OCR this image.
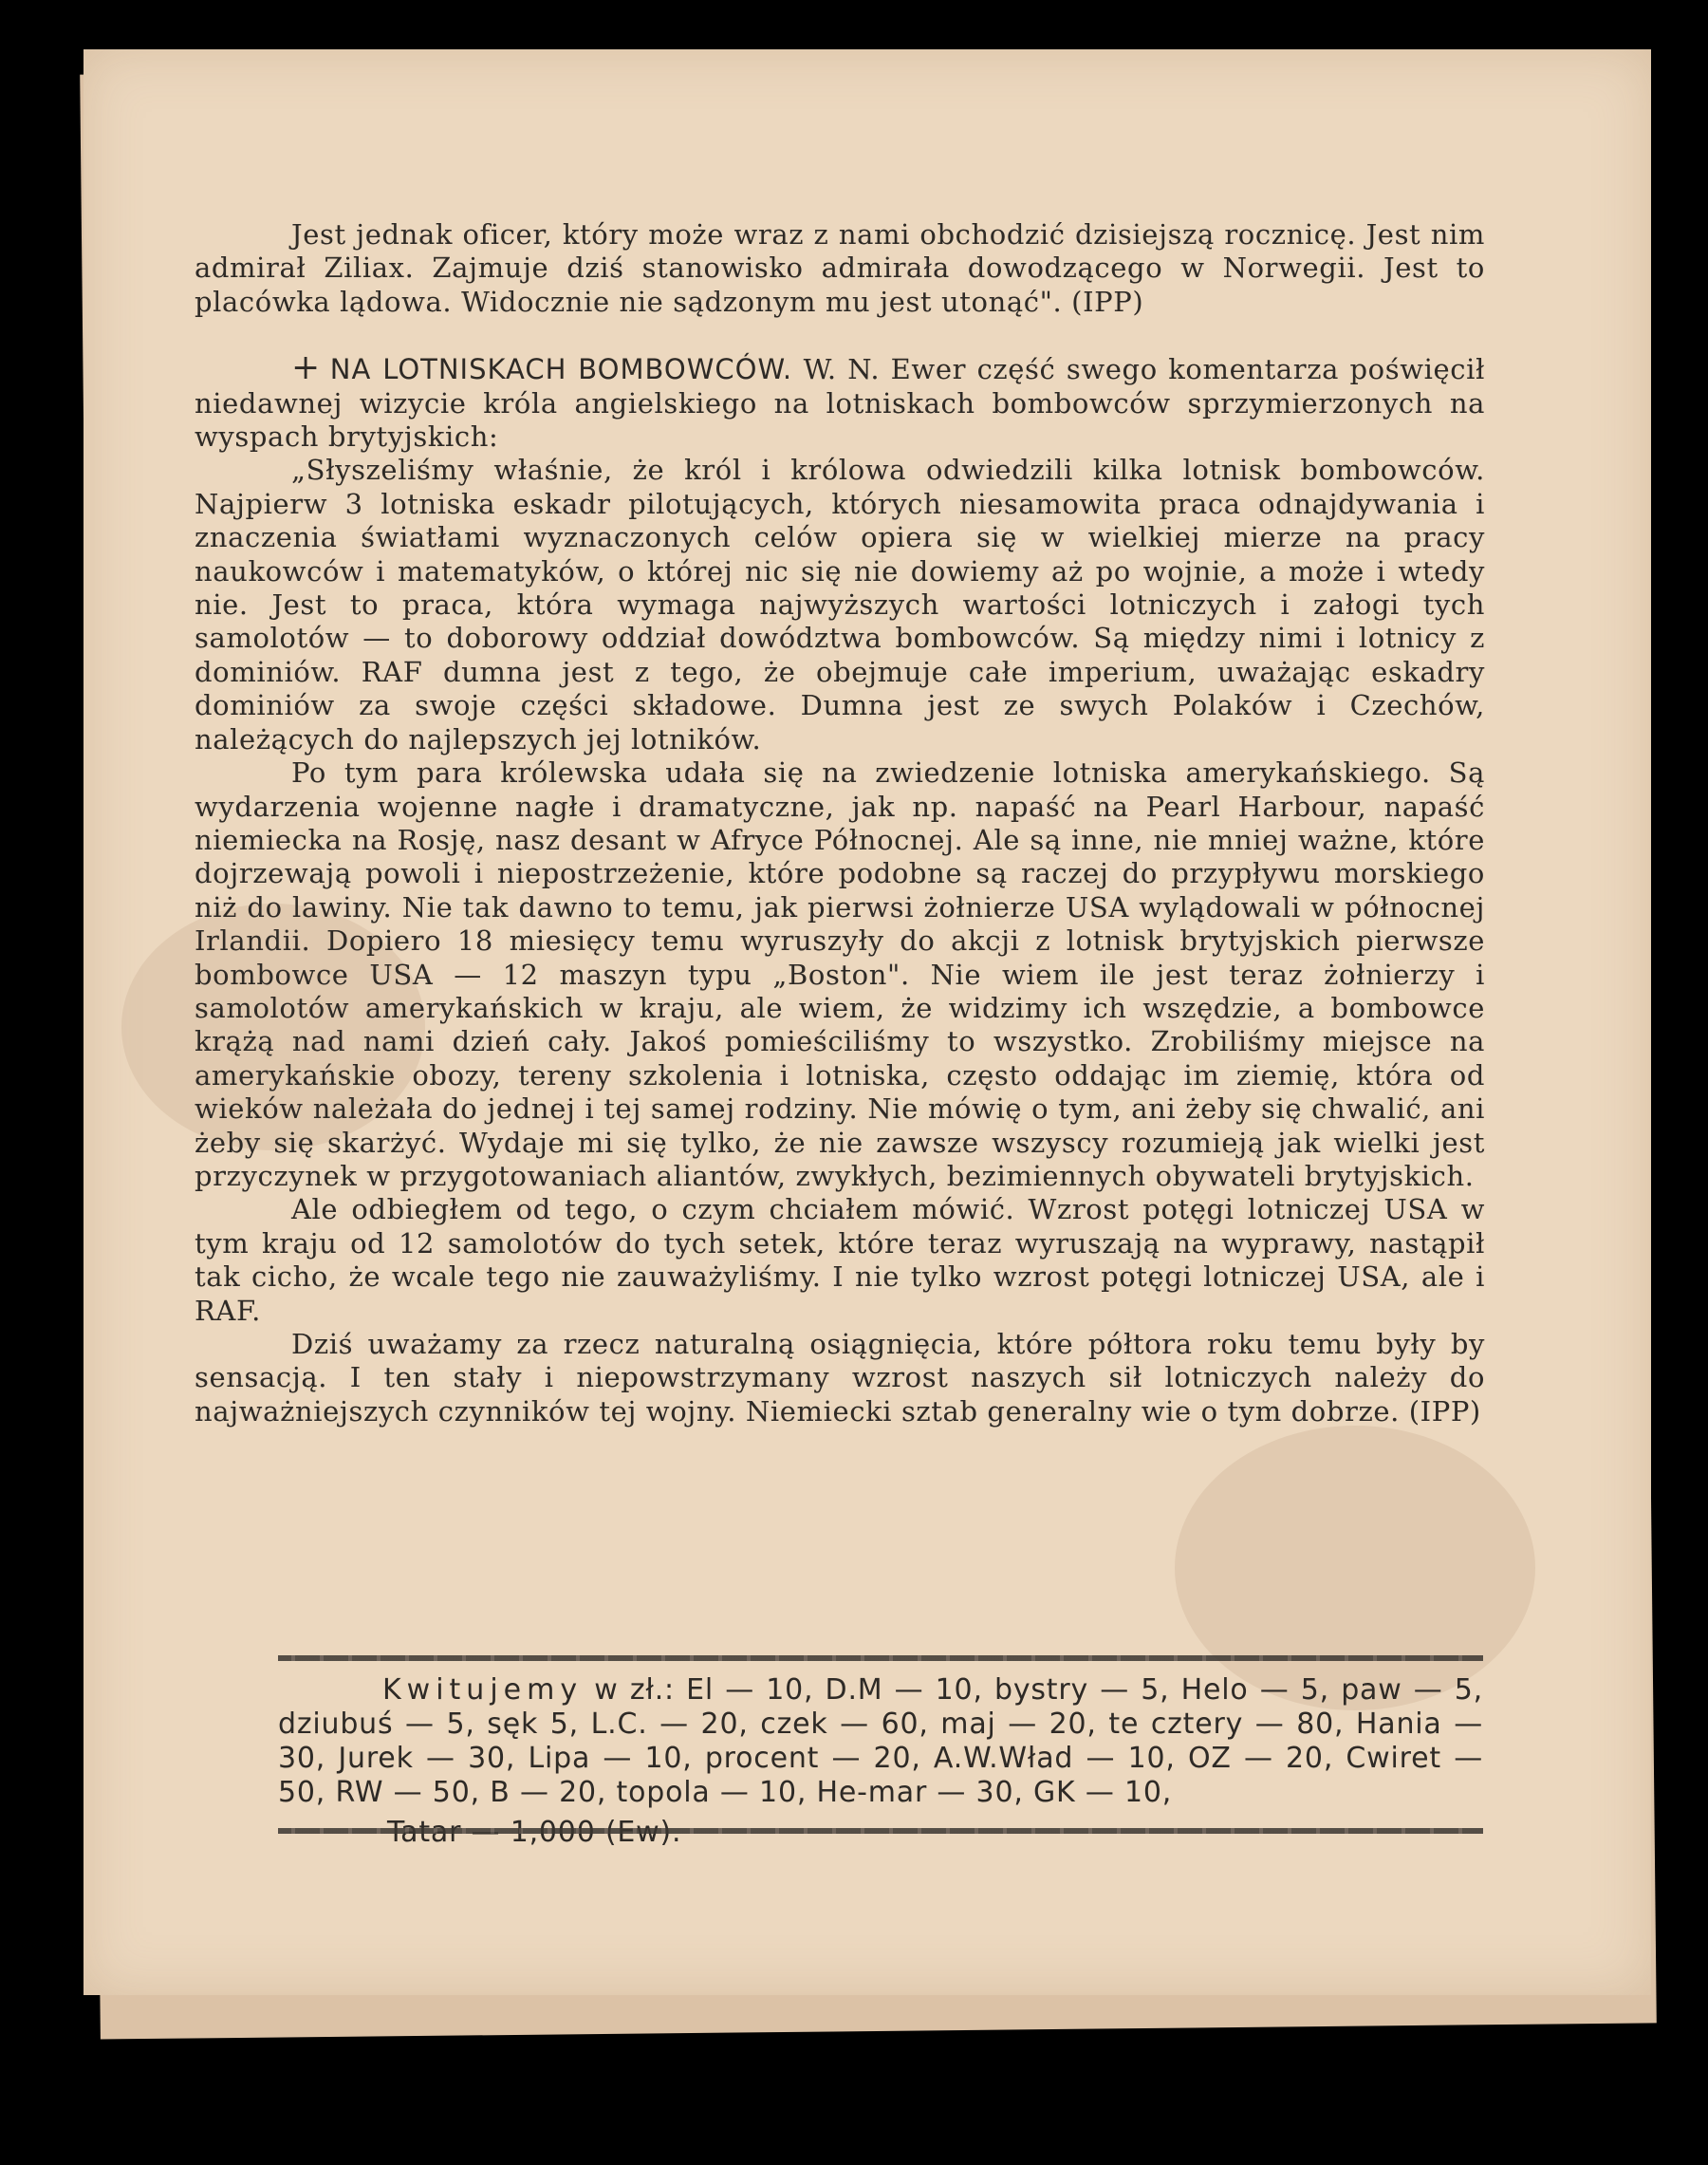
Jest jednak oficer, który może wraz z nami obchodzić dzisiejszą rocznicę. Jest nim admirał Ziliax. Zajmuje dziś stanowisko admirała dowodzącego w Norwegii. Jest to placówka lądowa. Widocznie nie sądzonym mu jest utonąć". (IPP)

+ NA LOTNISKACH BOMBOWCÓW. W. N. Ewer część swego komentarza poświęcił niedawnej wizycie króla angielskiego na lotniskach bombowców sprzymierzonych na wyspach brytyjskich:

„Słyszeliśmy właśnie, że król i królowa odwiedzili kilka lotnisk bombowców. Najpierw 3 lotniska eskadr pilotujących, których niesamowita praca odnajdywania i znaczenia światłami wyznaczonych celów opiera się w wielkiej mierze na pracy naukowców i matematyków, o której nic się nie dowiemy aż po wojnie, a może i wtedy nie. Jest to praca, która wymaga najwyższych wartości lotniczych i załogi tych samolotów — to doborowy oddział dowództwa bombowców. Są między nimi i lotnicy z dominiów. RAF dumna jest z tego, że obejmuje całe imperium, uważając eskadry dominiów za swoje części składowe. Dumna jest ze swych Polaków i Czechów, należących do najlepszych jej lotników.

Po tym para królewska udała się na zwiedzenie lotniska amerykańskiego. Są wydarzenia wojenne nagłe i dramatyczne, jak np. napaść na Pearl Harbour, napaść niemiecka na Rosję, nasz desant w Afryce Północnej. Ale są inne, nie mniej ważne, które dojrzewają powoli i niepostrzeżenie, które podobne są raczej do przypływu morskiego niż do lawiny. Nie tak dawno to temu, jak pierwsi żołnierze USA wylądowali w północnej Irlandii. Dopiero 18 miesięcy temu wyruszyły do akcji z lotnisk brytyjskich pierwsze bombowce USA — 12 maszyn typu „Boston". Nie wiem ile jest teraz żołnierzy i samolotów amerykańskich w kraju, ale wiem, że widzimy ich wszędzie, a bombowce krążą nad nami dzień cały. Jakoś pomieściliśmy to wszystko. Zrobiliśmy miejsce na amerykańskie obozy, tereny szkolenia i lotniska, często oddając im ziemię, która od wieków należała do jednej i tej samej rodziny. Nie mówię o tym, ani żeby się chwalić, ani żeby się skarżyć. Wydaje mi się tylko, że nie zawsze wszyscy rozumieją jak wielki jest przyczynek w przygotowaniach aliantów, zwykłych, bezimiennych obywateli brytyjskich.

Ale odbiegłem od tego, o czym chciałem mówić. Wzrost potęgi lotniczej USA w tym kraju od 12 samolotów do tych setek, które teraz wyruszają na wyprawy, nastąpił tak cicho, że wcale tego nie zauważyliśmy. I nie tylko wzrost potęgi lotniczej USA, ale i RAF.

Dziś uważamy za rzecz naturalną osiągnięcia, które półtora roku temu były by sensacją. I ten stały i niepowstrzymany wzrost naszych sił lotniczych należy do najważniejszych czynników tej wojny. Niemiecki sztab generalny wie o tym dobrze. (IPP)

Kwitujemy w zł.: El — 10, D.M — 10, bystry — 5, Helo — 5, paw — 5, dziubuś — 5, sęk 5, L.C. — 20, czek — 60, maj — 20, te cztery — 80, Hania — 30, Jurek — 30, Lipa — 10, procent — 20, A.W.Wład — 10, OZ — 20, Cwiret — 50, RW — 50, B — 20, topola — 10, He-mar — 30, GK — 10,
